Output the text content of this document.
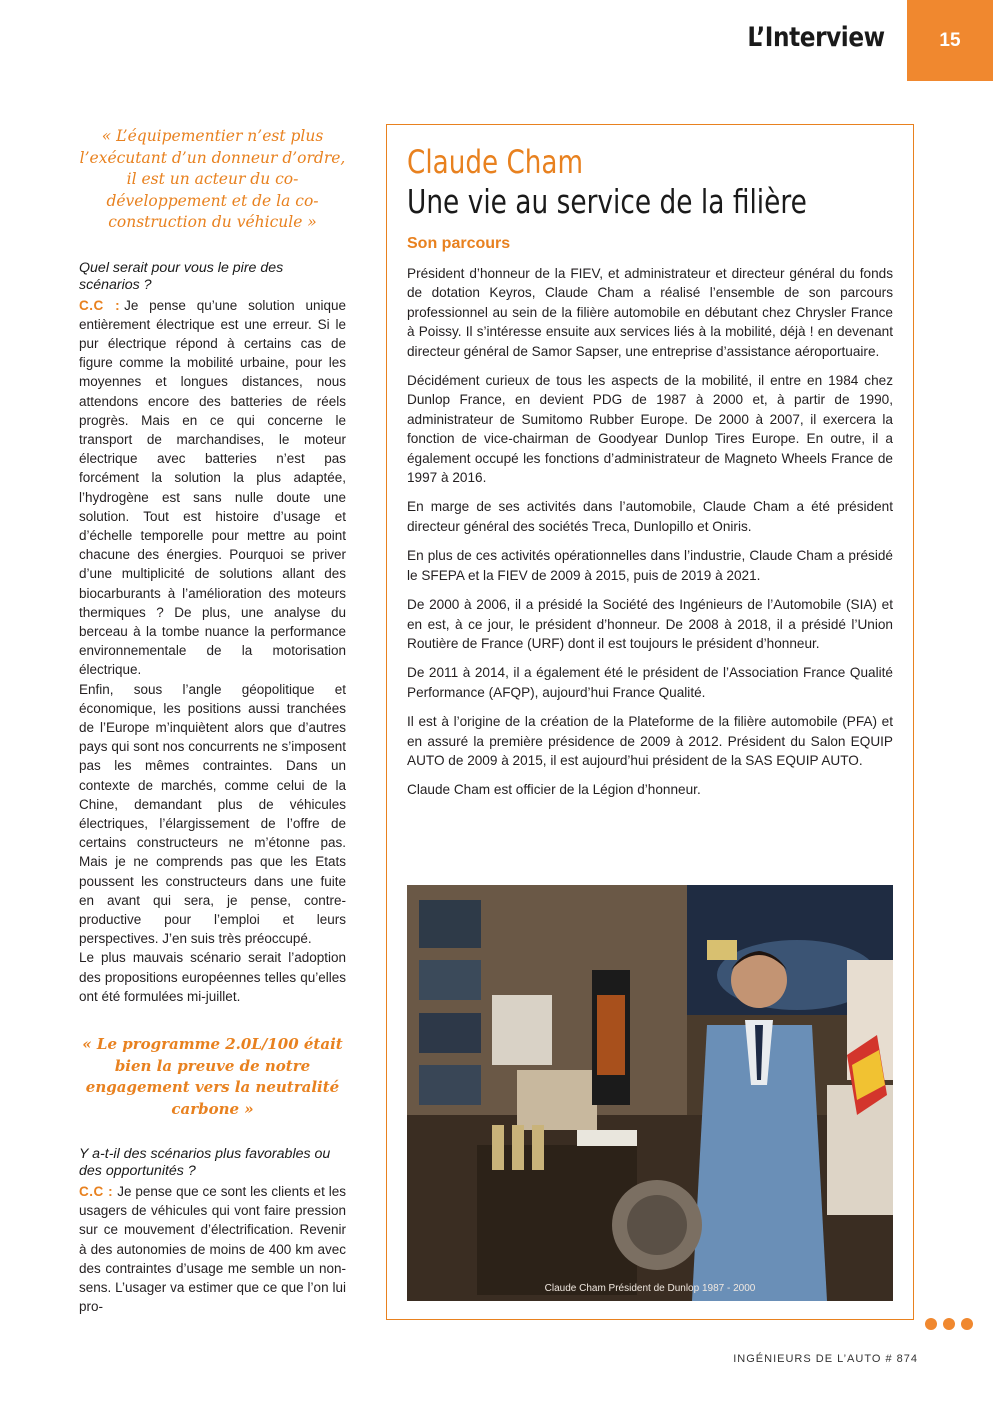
L’Interview	15
« L’équipementier n’est plus l’exécutant d’un donneur d’ordre, il est un acteur du co-développement et de la co-construction du véhicule »
Quel serait pour vous le pire des scénarios ?

C.C : Je pense qu’une solution unique entièrement électrique est une erreur. Si le pur électrique répond à certains cas de figure comme la mobilité urbaine, pour les moyennes et longues distances, nous attendons encore des batteries de réels progrès. Mais en ce qui concerne le transport de marchandises, le moteur électrique avec batteries n’est pas forcément la solution la plus adaptée, l’hydrogène est sans nulle doute une solution. Tout est histoire d’usage et d’échelle temporelle pour mettre au point chacune des énergies. Pourquoi se priver d’une multiplicité de solutions allant des biocarburants à l’amélioration des moteurs thermiques ? De plus, une analyse du berceau à la tombe nuance la performance environnementale de la motorisation électrique.

Enfin, sous l’angle géopolitique et économique, les positions aussi tranchées de l’Europe m’inquiètent alors que d’autres pays qui sont nos concurrents ne s’imposent pas les mêmes contraintes. Dans un contexte de marchés, comme celui de la Chine, demandant plus de véhicules électriques, l’élargissement de l’offre de certains constructeurs ne m’étonne pas. Mais je ne comprends pas que les Etats poussent les constructeurs dans une fuite en avant qui sera, je pense, contre-productive pour l’emploi et leurs perspectives. J’en suis très préoccupé.

Le plus mauvais scénario serait l’adoption des propositions européennes telles qu’elles ont été formulées mi-juillet.

« Le programme 2.0L/100 était bien la preuve de notre engagement vers la neutralité carbone »
Y a-t-il des scénarios plus favorables ou des opportunités ?

C.C : Je pense que ce sont les clients et les usagers de véhicules qui vont faire pression sur ce mouvement d’électrification. Revenir à des autonomies de moins de 400 km avec des contraintes d’usage me semble un non-sens. L’usager va estimer que ce que l’on lui pro-

Claude Cham
Une vie au service de la filière
Son parcours

Président d’honneur de la FIEV, et administrateur et directeur général du fonds de dotation Keyros, Claude Cham a réalisé l’ensemble de son parcours professionnel au sein de la filière automobile en débutant chez Chrysler France à Poissy. Il s’intéresse ensuite aux services liés à la mobilité, déjà ! en devenant directeur général de Samor Sapser, une entreprise d’assistance aéroportuaire.

Décidément curieux de tous les aspects de la mobilité, il entre en 1984 chez Dunlop France, en devient PDG de 1987 à 2000 et, à partir de 1990, administrateur de Sumitomo Rubber Europe. De 2000 à 2007, il exercera la fonction de vice-chairman de Goodyear Dunlop Tires Europe. En outre, il a également occupé les fonctions d’administrateur de Magneto Wheels France de 1997 à 2016.

En marge de ses activités dans l’automobile, Claude Cham a été président directeur général des sociétés Treca, Dunlopillo et Oniris.

En plus de ces activités opérationnelles dans l’industrie, Claude Cham a présidé le SFEPA et la FIEV de 2009 à 2015, puis de 2019 à 2021.

De 2000 à 2006, il a présidé la Société des Ingénieurs de l’Automobile (SIA) et en est, à ce jour, le président d’honneur. De 2008 à 2018, il a présidé l’Union Routière de France (URF) dont il est toujours le président d’honneur.

De 2011 à 2014, il a également été le président de l’Association France Qualité Performance (AFQP), aujourd’hui France Qualité.

Il est à l’origine de la création de la Plateforme de la filière automobile (PFA) et en assuré la première présidence de 2009 à 2012. Président du Salon EQUIP AUTO de 2009 à 2015, il est aujourd’hui président de la SAS EQUIP AUTO.

Claude Cham est officier de la Légion d’honneur.

Claude Cham Président de Dunlop 1987 - 2000
INGÉNIEURS DE L’AUTO # 874
